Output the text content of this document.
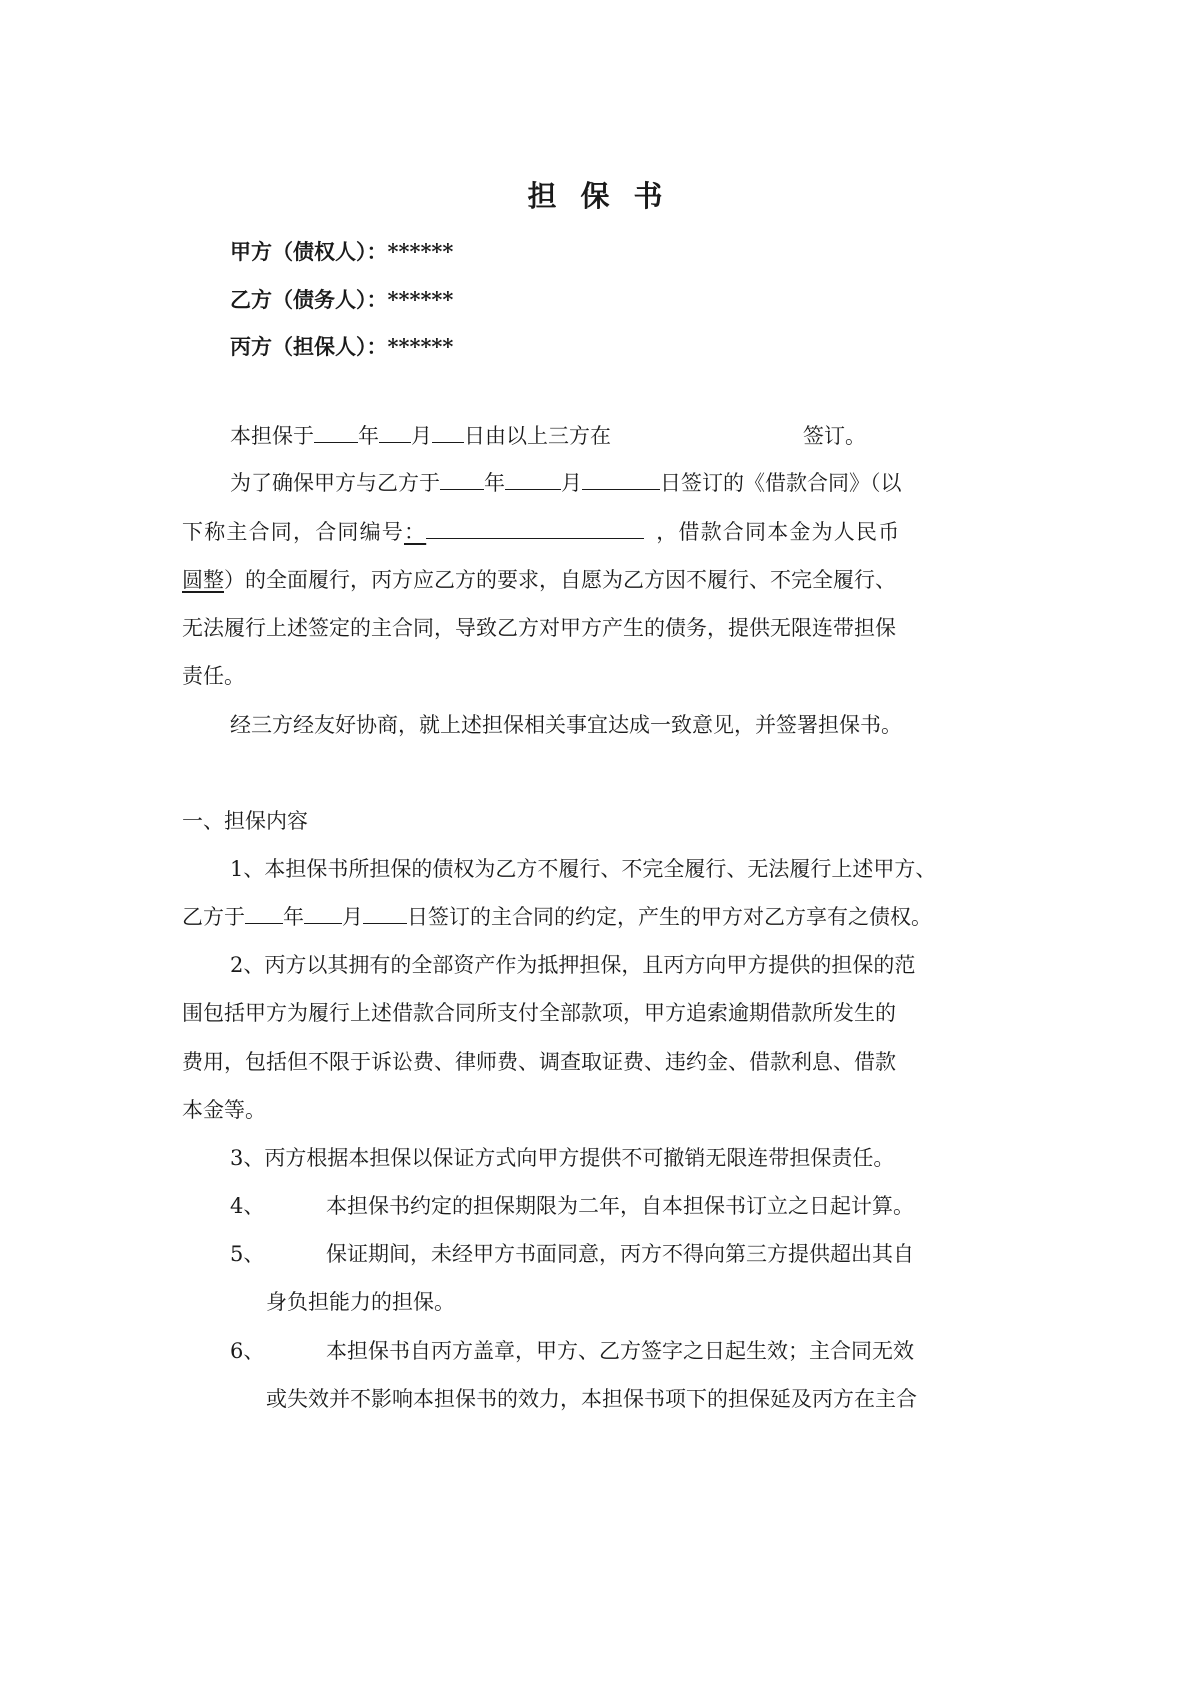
担保书
甲方（债权人）：******
乙方（债务人）：******
丙方（担保人）：******
本担保于 年 月 日由以上三方在	签订。
为了确保甲方与乙方于 年	月	日签订的《借款合同》（以
下称主合同，合同编号：	，借款合同本金为人民币
圆整）的全面履行，丙方应乙方的要求，自愿为乙方因不履行、不完全履行、
无法履行上述签定的主合同，导致乙方对甲方产生的债务，提供无限连带担保
责任。
经三方经友好协商，就上述担保相关事宜达成一致意见，并签署担保书。
一、担保内容
1、本担保书所担保的债权为乙方不履行、不完全履行、无法履行上述甲方、
乙方于 年 月 日签订的主合同的约定，产生的甲方对乙方享有之债权。
2、丙方以其拥有的全部资产作为抵押担保，且丙方向甲方提供的担保的范
围包括甲方为履行上述借款合同所支付全部款项，甲方追索逾期借款所发生的
费用，包括但不限于诉讼费、律师费、调查取证费、违约金、借款利息、借款
本金等。
3、丙方根据本担保以保证方式向甲方提供不可撤销无限连带担保责任。
4、	本担保书约定的担保期限为二年，自本担保书订立之日起计算。
5、	保证期间，未经甲方书面同意，丙方不得向第三方提供超出其自
身负担能力的担保。
6、	本担保书自丙方盖章，甲方、乙方签字之日起生效；主合同无效
或失效并不影响本担保书的效力，本担保书项下的担保延及丙方在主合
